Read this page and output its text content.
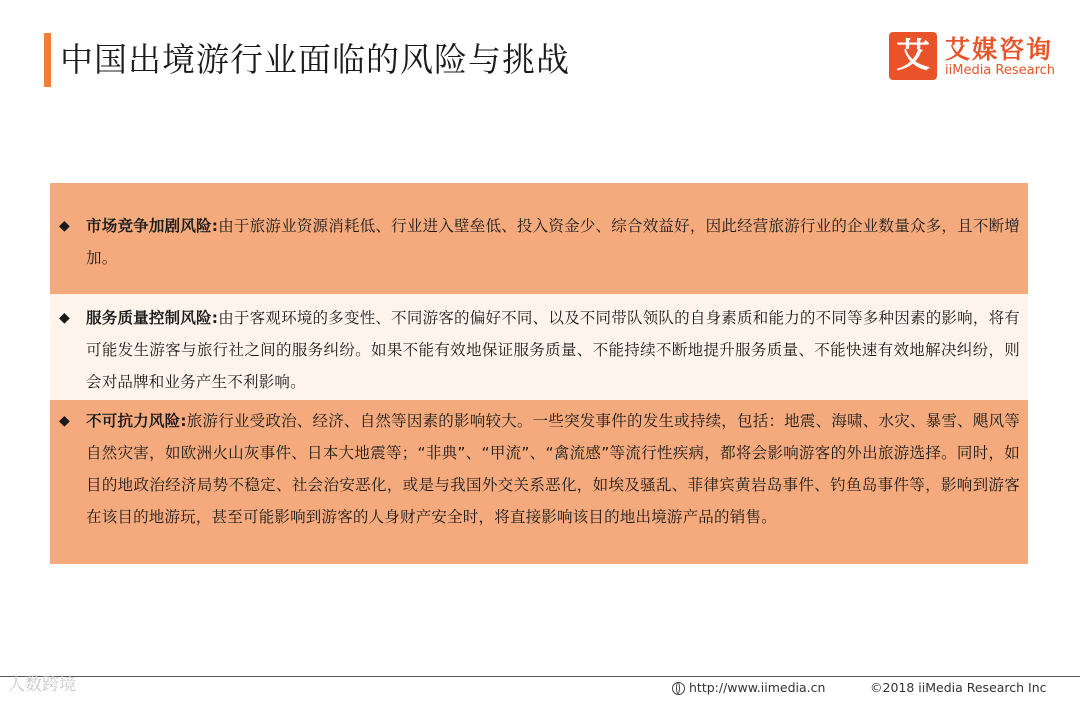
中国出境游行业面临的风险与挑战	艾 艾媒咨询
iiMedia Research
◆ 市场竞争加剧风险:由于旅游业资源消耗低、行业进入壁垒低、投入资金少、综合效益好，因此经营旅游行业的企业数量众多，且不断增加。
◆ 服务质量控制风险:由于客观环境的多变性、不同游客的偏好不同、以及不同带队领队的自身素质和能力的不同等多种因素的影响，将有可能发生游客与旅行社之间的服务纠纷。如果不能有效地保证服务质量、不能持续不断地提升服务质量、不能快速有效地解决纠纷，则会对品牌和业务产生不利影响。
◆ 不可抗力风险:旅游行业受政治、经济、自然等因素的影响较大。一些突发事件的发生或持续，包括：地震、海啸、水灾、暴雪、飓风等自然灾害，如欧洲火山灰事件、日本大地震等；“非典”、“甲流”、“禽流感”等流行性疾病，都将会影响游客的外出旅游选择。同时，如目的地政治经济局势不稳定、社会治安恶化，或是与我国外交关系恶化，如埃及骚乱、菲律宾黄岩岛事件、钓鱼岛事件等，影响到游客在该目的地游玩，甚至可能影响到游客的人身财产安全时，将直接影响该目的地出境游产品的销售。
人数跨境	http://www.iimedia.cn	©2018 iiMedia Research Inc
